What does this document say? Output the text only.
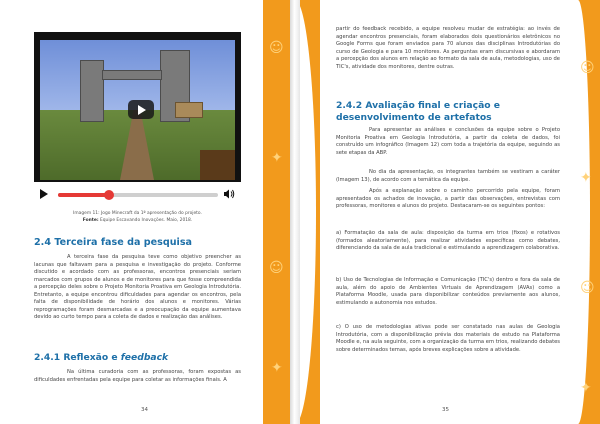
Imagem 11: Jogo Minecraft da 1ª apresentação do projeto.
Fonte: Equipe Escavando Inovações. Maio, 2018.
2.4 Terceira fase da pesquisa

A terceira fase da pesquisa teve como objetivo preencher as lacunas que faltavam para a pesquisa e investigação do projeto. Conforme discutido e acordado com as professoras, encontros presenciais seriam marcados com grupos de alunos e de monitores para que fosse compreendida a percepção deles sobre o Projeto Monitoria Proativa em Geologia Introdutória. Entretanto, a equipe encontrou dificuldades para agendar os encontros, pela falta de disponibilidade de horário dos alunos e monitores. Várias reprogramações foram desmarcadas e a preocupação da equipe aumentava devido ao curto tempo para a coleta de dados e realização das análises.

2.4.1 Reflexão e feedback

Na última curadoria com as professoras, foram expostas as dificuldades enfrentadas pela equipe para coletar as informações finais. A

34
☺
✦
☺
✦

partir do feedback recebido, a equipe resolveu mudar de estratégia: ao invés de agendar encontros presenciais, foram elaborados dois questionários eletrônicos no Google Forms que foram enviados para 70 alunos das disciplinas Introdutórias do curso de Geologia e para 10 monitores. As perguntas eram discursivas e abordaram a percepção dos alunos em relação ao formato da sala de aula, metodologias, uso de TIC's, atividade dos monitores, dentre outras.

2.4.2 Avaliação final e criação e desenvolvimento de artefatos

Para apresentar as análises e conclusões da equipe sobre o Projeto Monitoria Proativa em Geologia Introdutória, a partir da coleta de dados, foi construído um infográfico (Imagem 12) com toda a trajetória da equipe, seguindo as sete etapas da ABP.

No dia da apresentação, os integrantes também se vestiram a caráter (Imagem 13), de acordo com a temática da equipe.

Após a explanação sobre o caminho percorrido pela equipe, foram apresentados os achados de inovação, a partir das observações, entrevistas com professoras, monitores e alunos do projeto. Destacaram-se os seguintes pontos:

a) Formatação da sala de aula: disposição da turma em trios (fixos) e rotativos (formados aleatoriamente), para realizar atividades específicas como debates, diferenciando da sala de aula tradicional e estimulando a aprendizagem colaborativa.

b) Uso de Tecnologias de Informação e Comunicação (TIC's) dentro e fora da sala de aula, além do apoio de Ambientes Virtuais de Aprendizagem (AVAs) como a Plataforma Moodle, usada para disponibilizar conteúdos previamente aos alunos, estimulando a autonomia nos estudos.

c) O uso de metodologias ativas pode ser constatado nas aulas de Geologia Introdutória, com a disponibilização prévia dos materiais de estudo na Plataforma Moodle e, na aula seguinte, com a organização da turma em trios, realizando debates sobre determinados temas, após breves explicações sobre a atividade.

35
☺
✦
☺
✦
